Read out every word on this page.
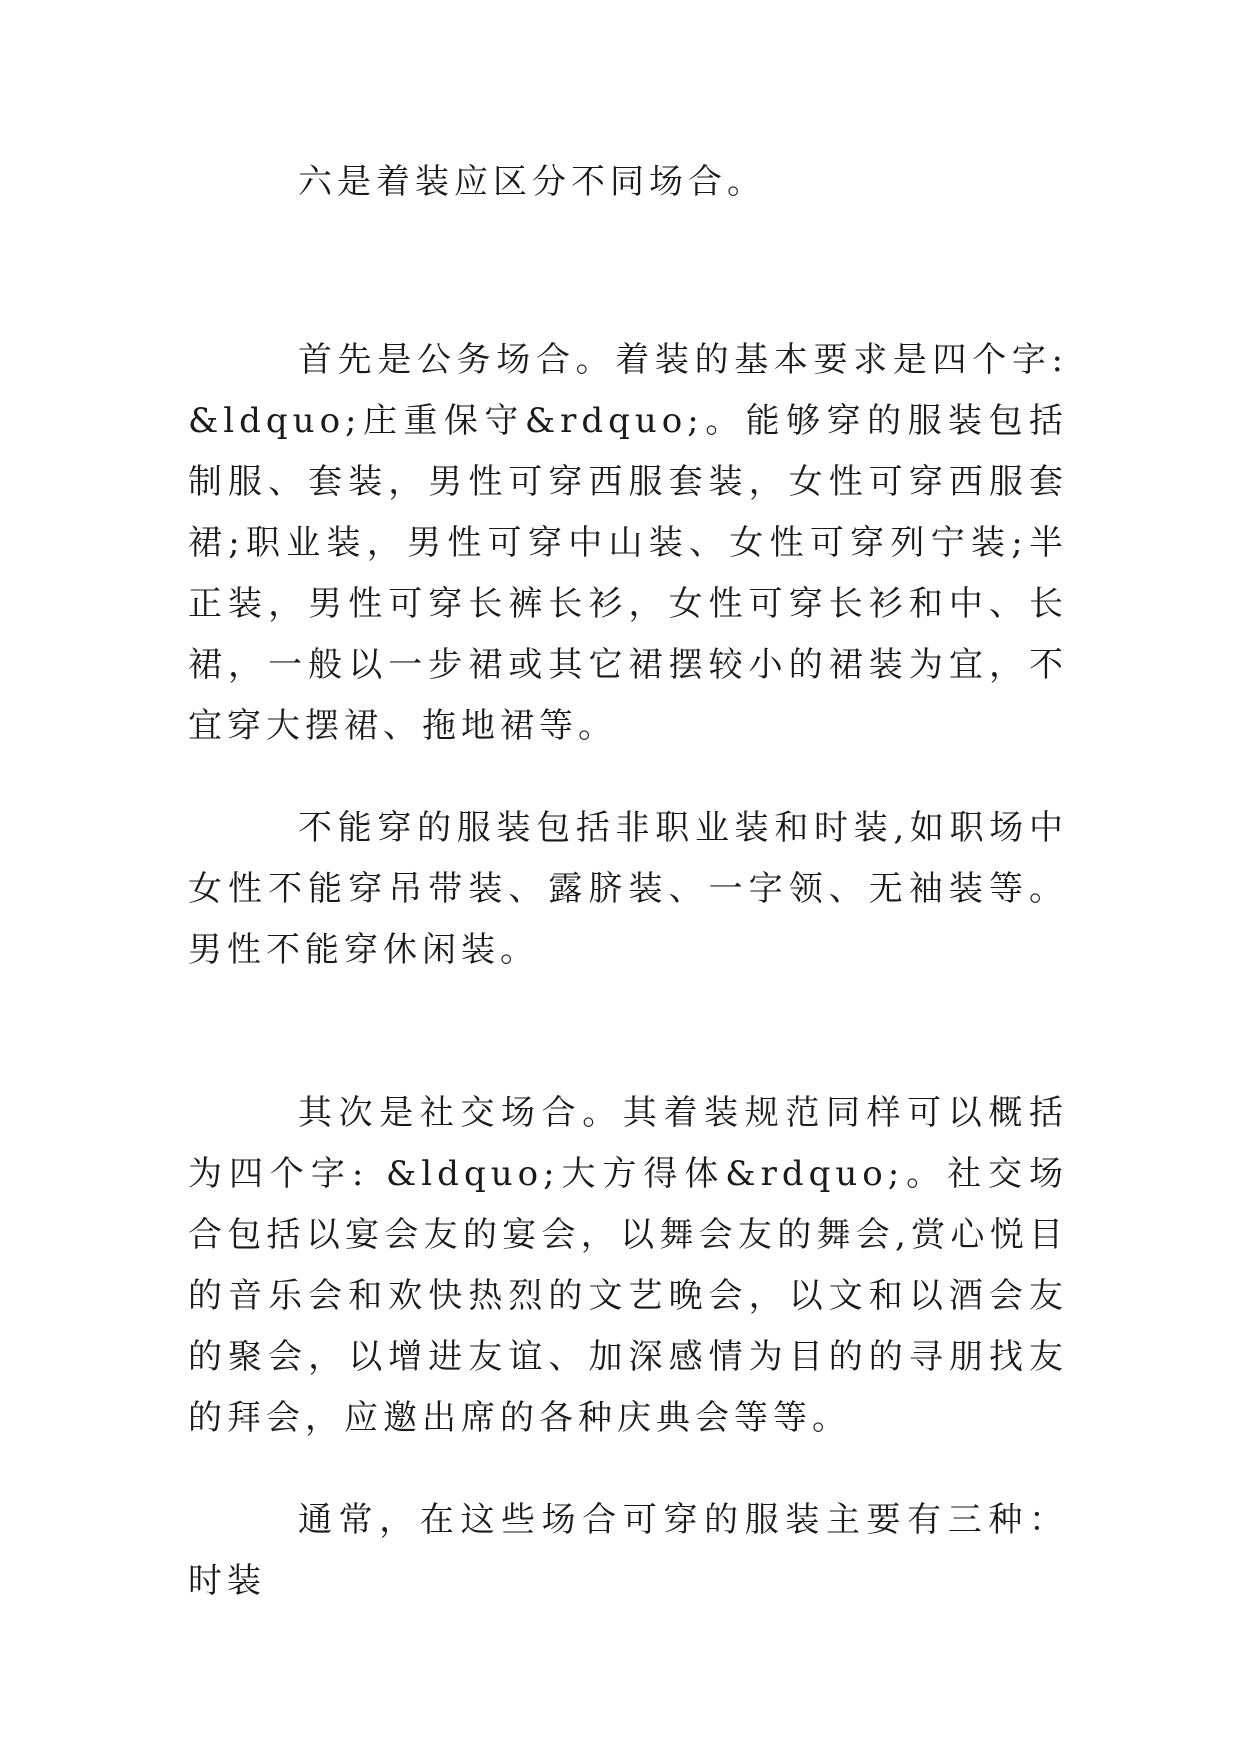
六是着装应区分不同场合。

首先是公务场合。着装的基本要求是四个字: &ldquo;庄重保守&rdquo;。能够穿的服装包括制服、套装，男性可穿西服套装，女性可穿西服套裙;职业装，男性可穿中山装、女性可穿列宁装;半正装，男性可穿长裤长衫，女性可穿长衫和中、长裙，一般以一步裙或其它裙摆较小的裙装为宜，不宜穿大摆裙、拖地裙等。

不能穿的服装包括非职业装和时装,如职场中女性不能穿吊带装、露脐装、一字领、无袖装等。男性不能穿休闲装。

其次是社交场合。其着装规范同样可以概括为四个字: &ldquo;大方得体&rdquo;。社交场合包括以宴会友的宴会，以舞会友的舞会,赏心悦目的音乐会和欢快热烈的文艺晚会，以文和以酒会友的聚会，以增进友谊、加深感情为目的的寻朋找友的拜会，应邀出席的各种庆典会等等。

通常，在这些场合可穿的服装主要有三种：时装
